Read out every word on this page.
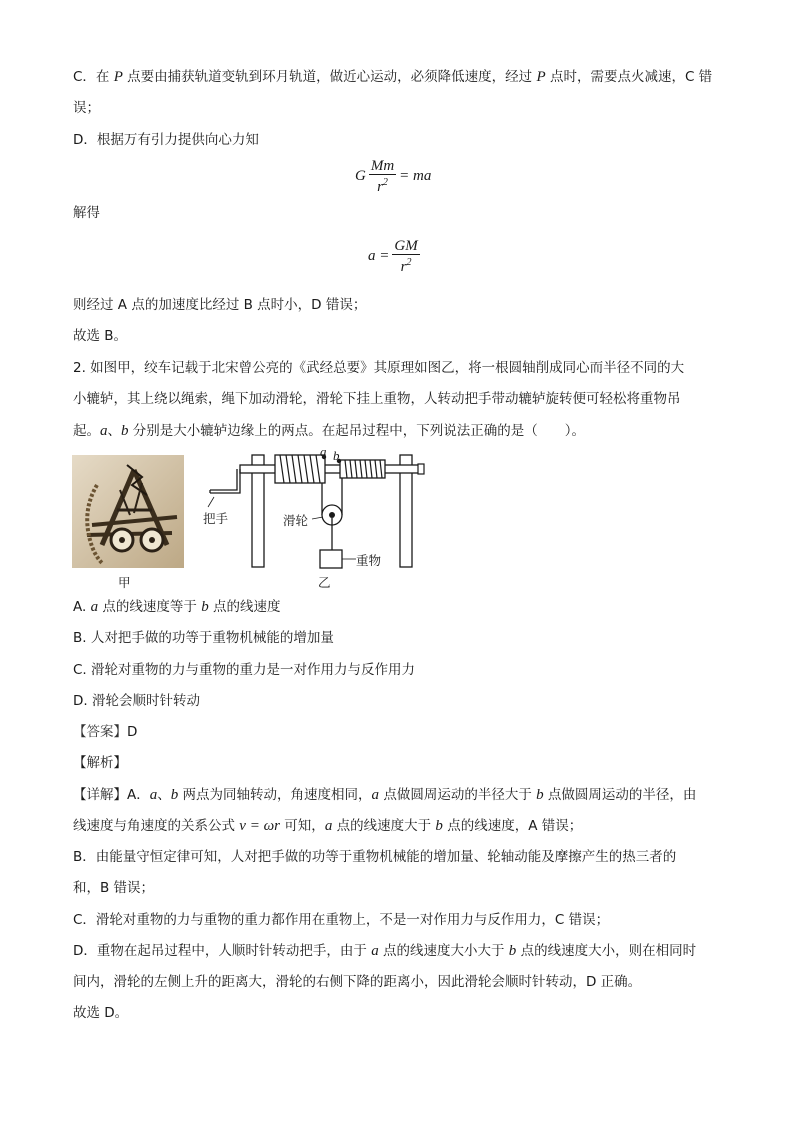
C．在 P 点要由捕获轨道变轨到环月轨道，做近心运动，必须降低速度，经过 P 点时，需要点火减速，C 错
误；
D．根据万有引力提供向心力知
G $\frac{Mm}{r^2}$ = ma
解得
$a = \frac{GM}{r^2}$
则经过 A 点的加速度比经过 B 点时小，D 错误；
故选 B。
2. 如图甲，绞车记载于北宋曾公亮的《武经总要》其原理如图乙，将一根圆轴削成同心而半径不同的大
小辘轳，其上绕以绳索，绳下加动滑轮，滑轮下挂上重物，人转动把手带动辘轳旋转便可轻松将重物吊
起。a、b 分别是大小辘轳边缘上的两点。在起吊过程中，下列说法正确的是（　　）。
甲
a b
把手	滑轮
重物
乙
A. a 点的线速度等于 b 点的线速度
B. 人对把手做的功等于重物机械能的增加量
C. 滑轮对重物的力与重物的重力是一对作用力与反作用力
D. 滑轮会顺时针转动
【答案】D
【解析】
【详解】A．a、b 两点为同轴转动，角速度相同，a 点做圆周运动的半径大于 b 点做圆周运动的半径，由
线速度与角速度的关系公式 v = ωr 可知，a 点的线速度大于 b 点的线速度，A 错误；
B．由能量守恒定律可知，人对把手做的功等于重物机械能的增加量、轮轴动能及摩擦产生的热三者的
和，B 错误；
C．滑轮对重物的力与重物的重力都作用在重物上，不是一对作用力与反作用力，C 错误；
D．重物在起吊过程中，人顺时针转动把手，由于 a 点的线速度大小大于 b 点的线速度大小，则在相同时
间内，滑轮的左侧上升的距离大，滑轮的右侧下降的距离小，因此滑轮会顺时针转动，D 正确。
故选 D。
